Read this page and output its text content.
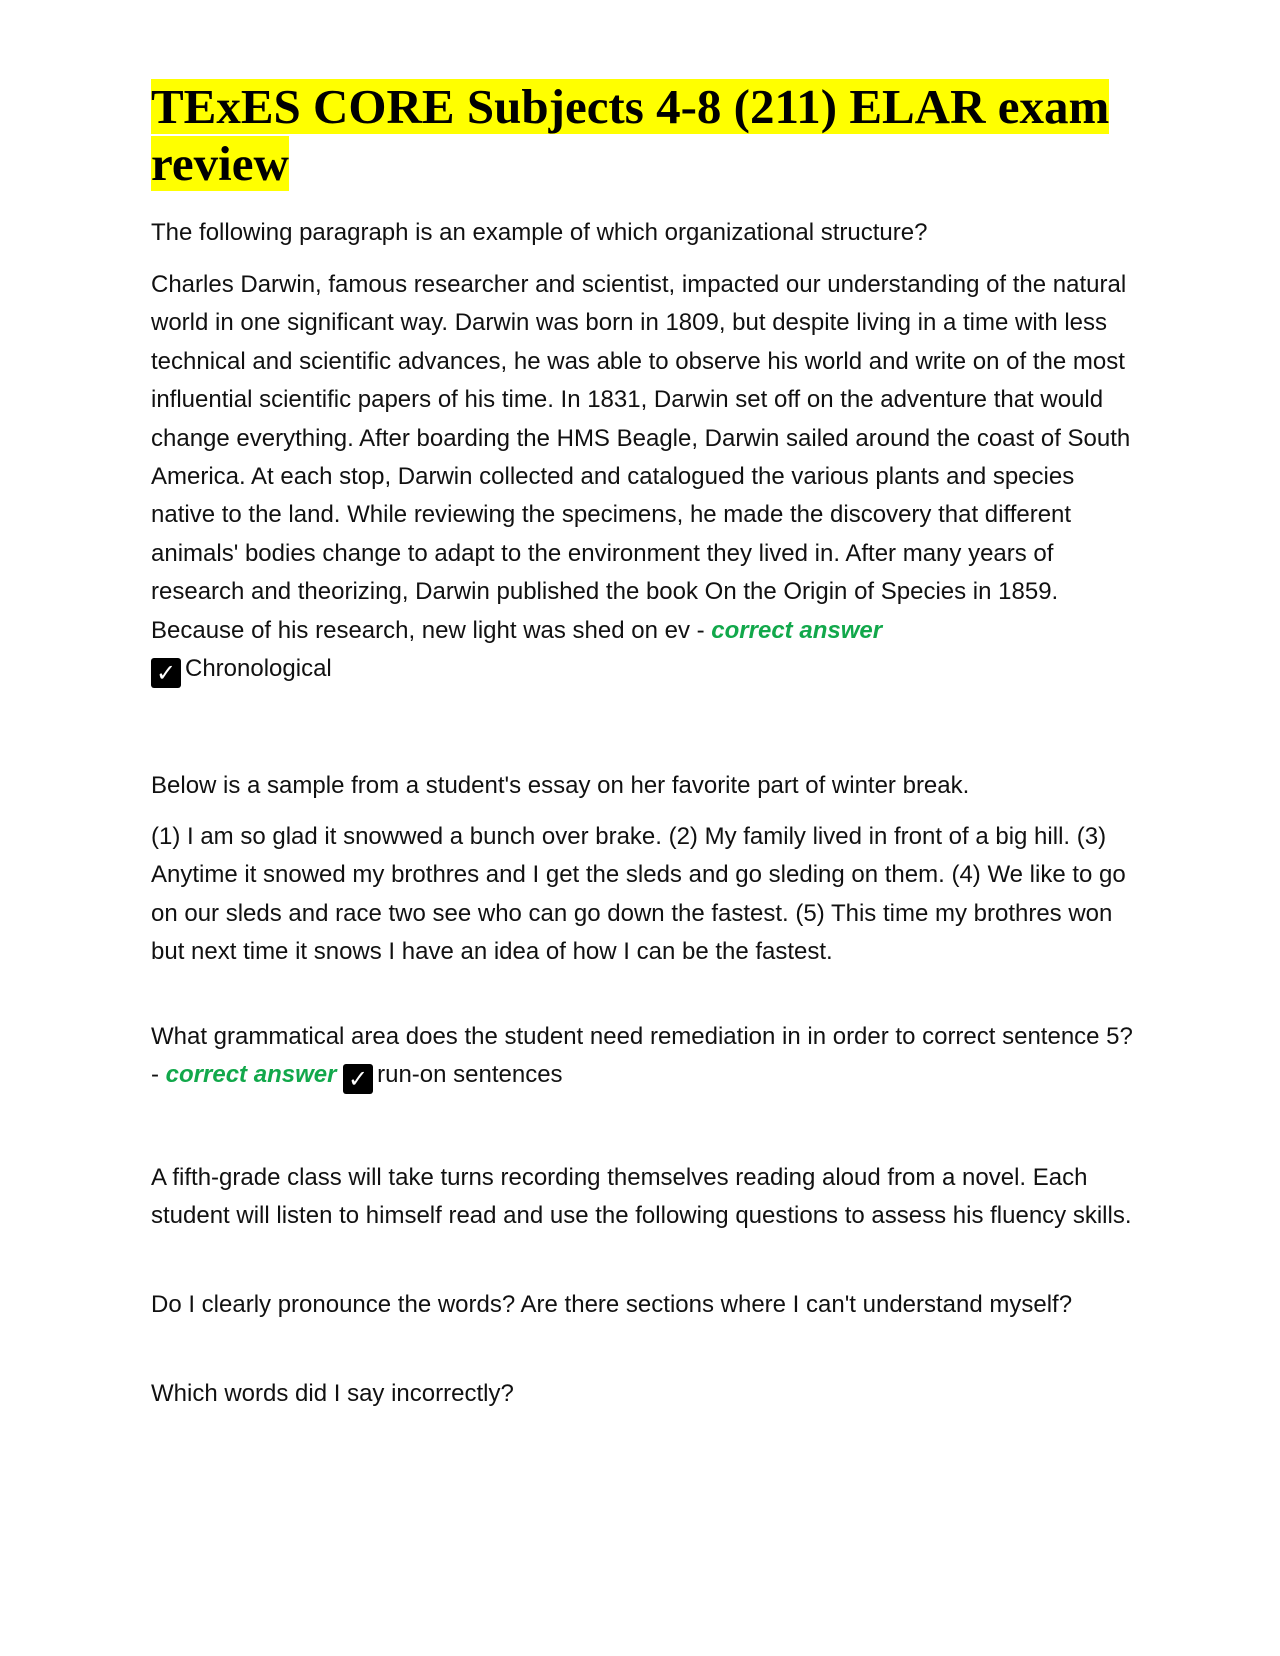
TExES CORE Subjects 4-8 (211) ELAR exam review

The following paragraph is an example of which organizational structure?

Charles Darwin, famous researcher and scientist, impacted our understanding of the natural world in one significant way. Darwin was born in 1809, but despite living in a time with less technical and scientific advances, he was able to observe his world and write on of the most influential scientific papers of his time. In 1831, Darwin set off on the adventure that would change everything. After boarding the HMS Beagle, Darwin sailed around the coast of South America. At each stop, Darwin collected and catalogued the various plants and species native to the land. While reviewing the specimens, he made the discovery that different animals' bodies change to adapt to the environment they lived in. After many years of research and theorizing, Darwin published the book On the Origin of Species in 1859. Because of his research, new light was shed on ev - correct answer
✓ Chronological

Below is a sample from a student's essay on her favorite part of winter break.

(1) I am so glad it snowwed a bunch over brake. (2) My family lived in front of a big hill. (3) Anytime it snowed my brothres and I get the sleds and go sleding on them. (4) We like to go on our sleds and race two see who can go down the fastest. (5) This time my brothres won but next time it snows I have an idea of how I can be the fastest.

What grammatical area does the student need remediation in in order to correct sentence 5? - correct answer ✓ run-on sentences

A fifth-grade class will take turns recording themselves reading aloud from a novel. Each student will listen to himself read and use the following questions to assess his fluency skills.

Do I clearly pronounce the words? Are there sections where I can't understand myself?

Which words did I say incorrectly?
